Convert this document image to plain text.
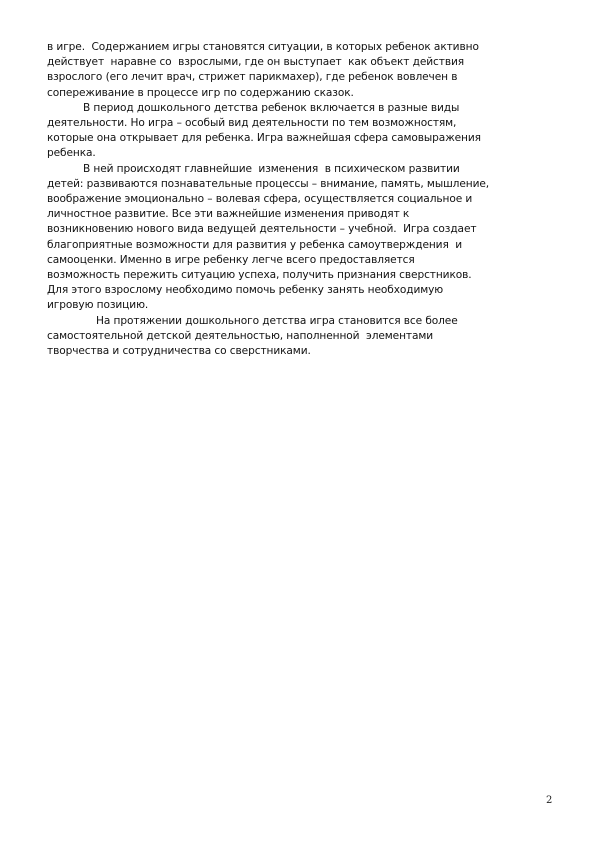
в игре.  Содержанием игры становятся ситуации, в которых ребенок активно
действует  наравне со  взрослыми, где он выступает  как объект действия
взрослого (его лечит врач, стрижет парикмахер), где ребенок вовлечен в
сопереживание в процессе игр по содержанию сказок.
В период дошкольного детства ребенок включается в разные виды
деятельности. Но игра – особый вид деятельности по тем возможностям,
которые она открывает для ребенка. Игра важнейшая сфера самовыражения
ребенка.
В ней происходят главнейшие  изменения  в психическом развитии
детей: развиваются познавательные процессы – внимание, память, мышление,
воображение эмоционально – волевая сфера, осуществляется социальное и
личностное развитие. Все эти важнейшие изменения приводят к
возникновению нового вида ведущей деятельности – учебной.  Игра создает
благоприятные возможности для развития у ребенка самоутверждения  и
самооценки. Именно в игре ребенку легче всего предоставляется
возможность пережить ситуацию успеха, получить признания сверстников.
Для этого взрослому необходимо помочь ребенку занять необходимую
игровую позицию.
На протяжении дошкольного детства игра становится все более
самостоятельной детской деятельностью, наполненной  элементами
творчества и сотрудничества со сверстниками.
2
